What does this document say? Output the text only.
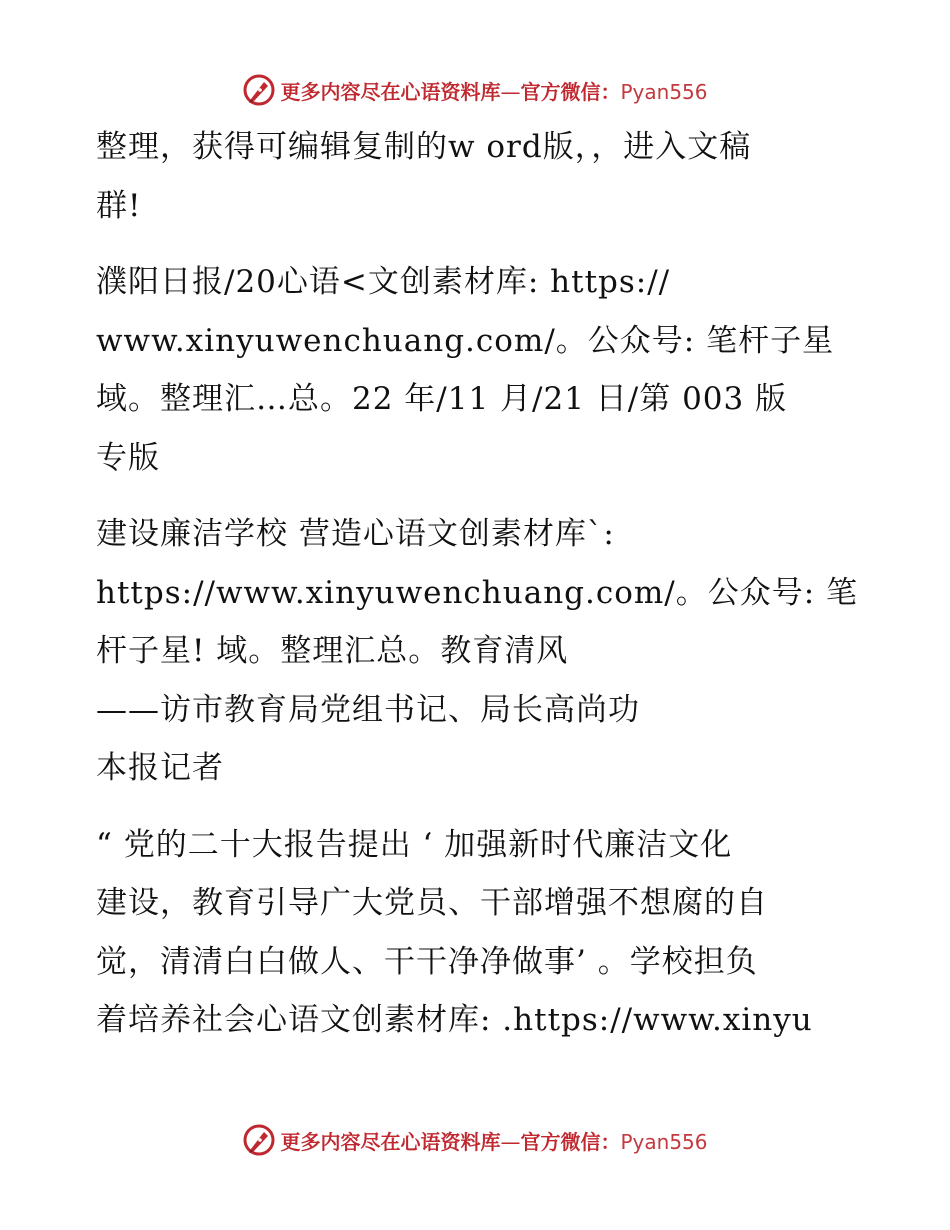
更多内容尽在心语资料库—官方微信：Pyan556

整理，获得可编辑复制的w ord版，，进入文稿

群!

濮阳日报/20心语<文创素材库: https://

www.xinyuwenchuang.com/。公众号: 笔杆子星

域。整理汇…总。22 年/11 月/21 日/第 003 版

专版

建设廉洁学校 营造心语文创素材库ˋ:

https://www.xinyuwenchuang.com/。公众号: 笔

杆子星! 域。整理汇总。教育清风

——访市教育局党组书记、局长高尚功

本报记者

“ 党的二十大报告提出 ‘ 加强新时代廉洁文化

建设，教育引导广大党员、干部增强不想腐的自

觉，清清白白做人、干干净净做事’ 。学校担负

着培养社会心语文创素材库: .https://www.xinyu

更多内容尽在心语资料库—官方微信：Pyan556
